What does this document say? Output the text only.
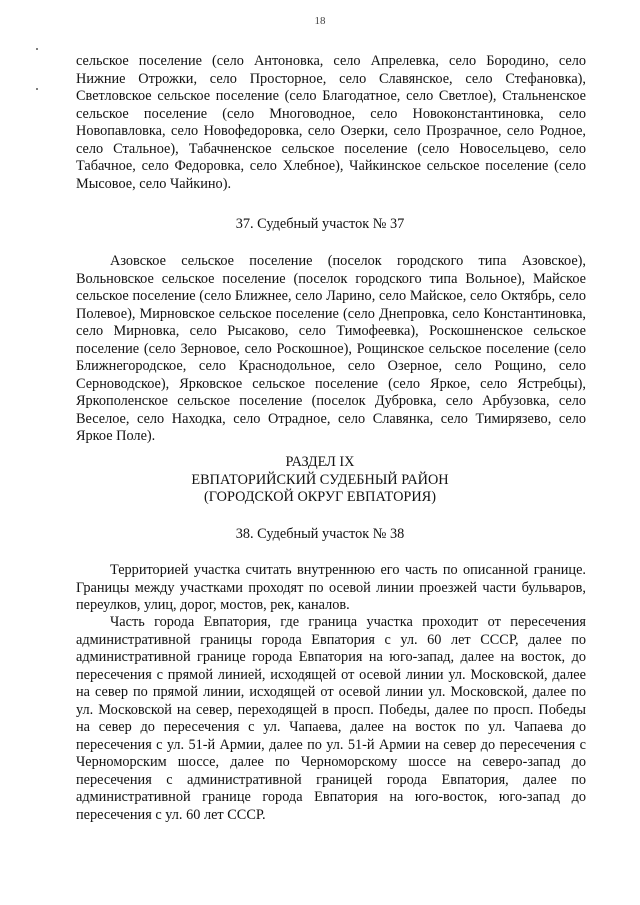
18

сельское поселение (село Антоновка, село Апрелевка, село Бородино, село Нижние Отрожки, село Просторное, село Славянское, село Стефановка), Светловское сельское поселение (село Благодатное, село Светлое), Стальненское сельское поселение (село Многоводное, село Новоконстантиновка, село Новопавловка, село Новофедоровка, село Озерки, село Прозрачное, село Родное, село Стальное), Табачненское сельское поселение (село Новосельцево, село Табачное, село Федоровка, село Хлебное), Чайкинское сельское поселение (село Мысовое, село Чайкино).

37. Судебный участок № 37

Азовское сельское поселение (поселок городского типа Азовское), Вольновское сельское поселение (поселок городского типа Вольное), Майское сельское поселение (село Ближнее, село Ларино, село Майское, село Октябрь, село Полевое), Мирновское сельское поселение (село Днепровка, село Константиновка, село Мирновка, село Рысаково, село Тимофеевка), Роскошненское сельское поселение (село Зерновое, село Роскошное), Рощинское сельское поселение (село Ближнегородское, село Краснодольное, село Озерное, село Рощино, село Серноводское), Ярковское сельское поселение (село Яркое, село Ястребцы), Яркополенское сельское поселение (поселок Дубровка, село Арбузовка, село Веселое, село Находка, село Отрадное, село Славянка, село Тимирязево, село Яркое Поле).

РАЗДЕЛ IX

ЕВПАТОРИЙСКИЙ СУДЕБНЫЙ РАЙОН

(ГОРОДСКОЙ ОКРУГ ЕВПАТОРИЯ)

38. Судебный участок № 38

Территорией участка считать внутреннюю его часть по описанной границе. Границы между участками проходят по осевой линии проезжей части бульваров, переулков, улиц, дорог, мостов, рек, каналов.

Часть города Евпатория, где граница участка проходит от пересечения административной границы города Евпатория с ул. 60 лет СССР, далее по административной границе города Евпатория на юго-запад, далее на восток, до пересечения с прямой линией, исходящей от осевой линии ул. Московской, далее на север по прямой линии, исходящей от осевой линии ул. Московской, далее по ул. Московской на север, переходящей в просп. Победы, далее по просп. Победы на север до пересечения с ул. Чапаева, далее на восток по ул. Чапаева до пересечения с ул. 51-й Армии, далее по ул. 51-й Армии на север до пересечения с Черноморским шоссе, далее по Черноморскому шоссе на северо-запад до пересечения с административной границей города Евпатория, далее по административной границе города Евпатория на юго-восток, юго-запад до пересечения с ул. 60 лет СССР.
